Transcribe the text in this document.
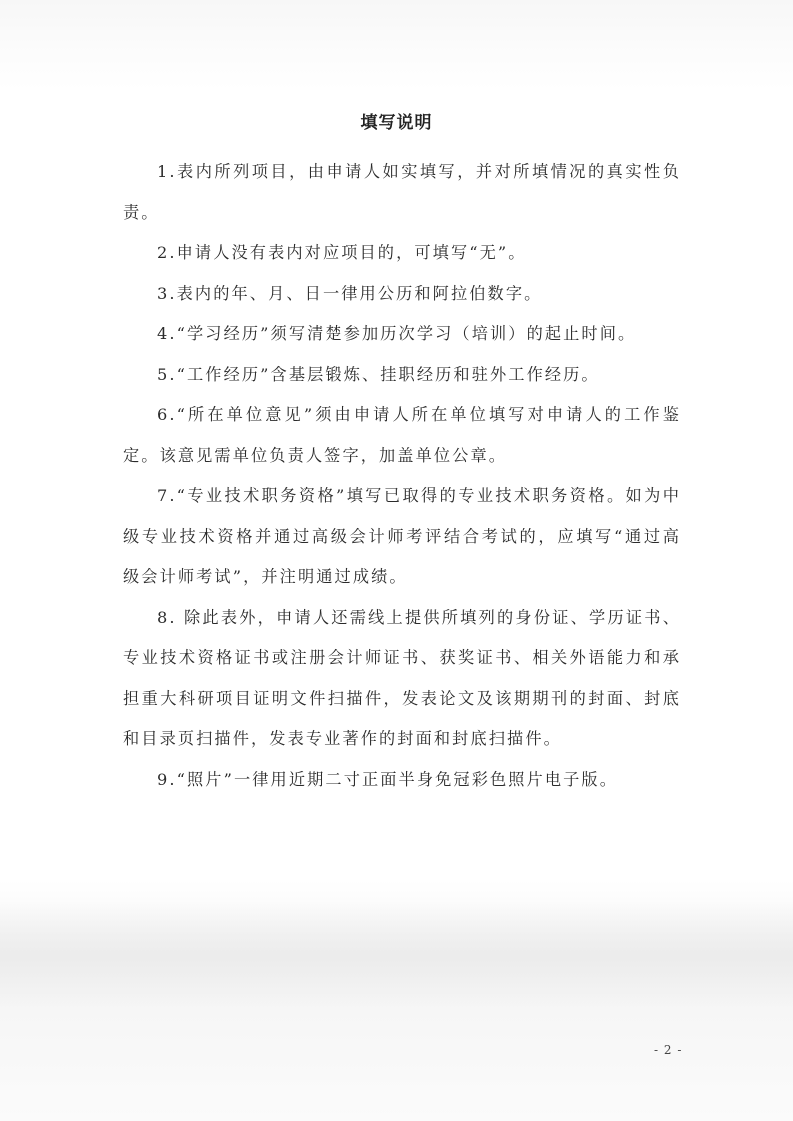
填写说明

1.表内所列项目，由申请人如实填写，并对所填情况的真实性负责。

2.申请人没有表内对应项目的，可填写“无”。

3.表内的年、月、日一律用公历和阿拉伯数字。

4.“学习经历”须写清楚参加历次学习（培训）的起止时间。

5.“工作经历”含基层锻炼、挂职经历和驻外工作经历。

6.“所在单位意见”须由申请人所在单位填写对申请人的工作鉴定。该意见需单位负责人签字，加盖单位公章。

7.“专业技术职务资格”填写已取得的专业技术职务资格。如为中级专业技术资格并通过高级会计师考评结合考试的，应填写“通过高级会计师考试”，并注明通过成绩。

8. 除此表外，申请人还需线上提供所填列的身份证、学历证书、专业技术资格证书或注册会计师证书、获奖证书、相关外语能力和承担重大科研项目证明文件扫描件，发表论文及该期期刊的封面、封底和目录页扫描件，发表专业著作的封面和封底扫描件。

9.“照片”一律用近期二寸正面半身免冠彩色照片电子版。

- 2 -
